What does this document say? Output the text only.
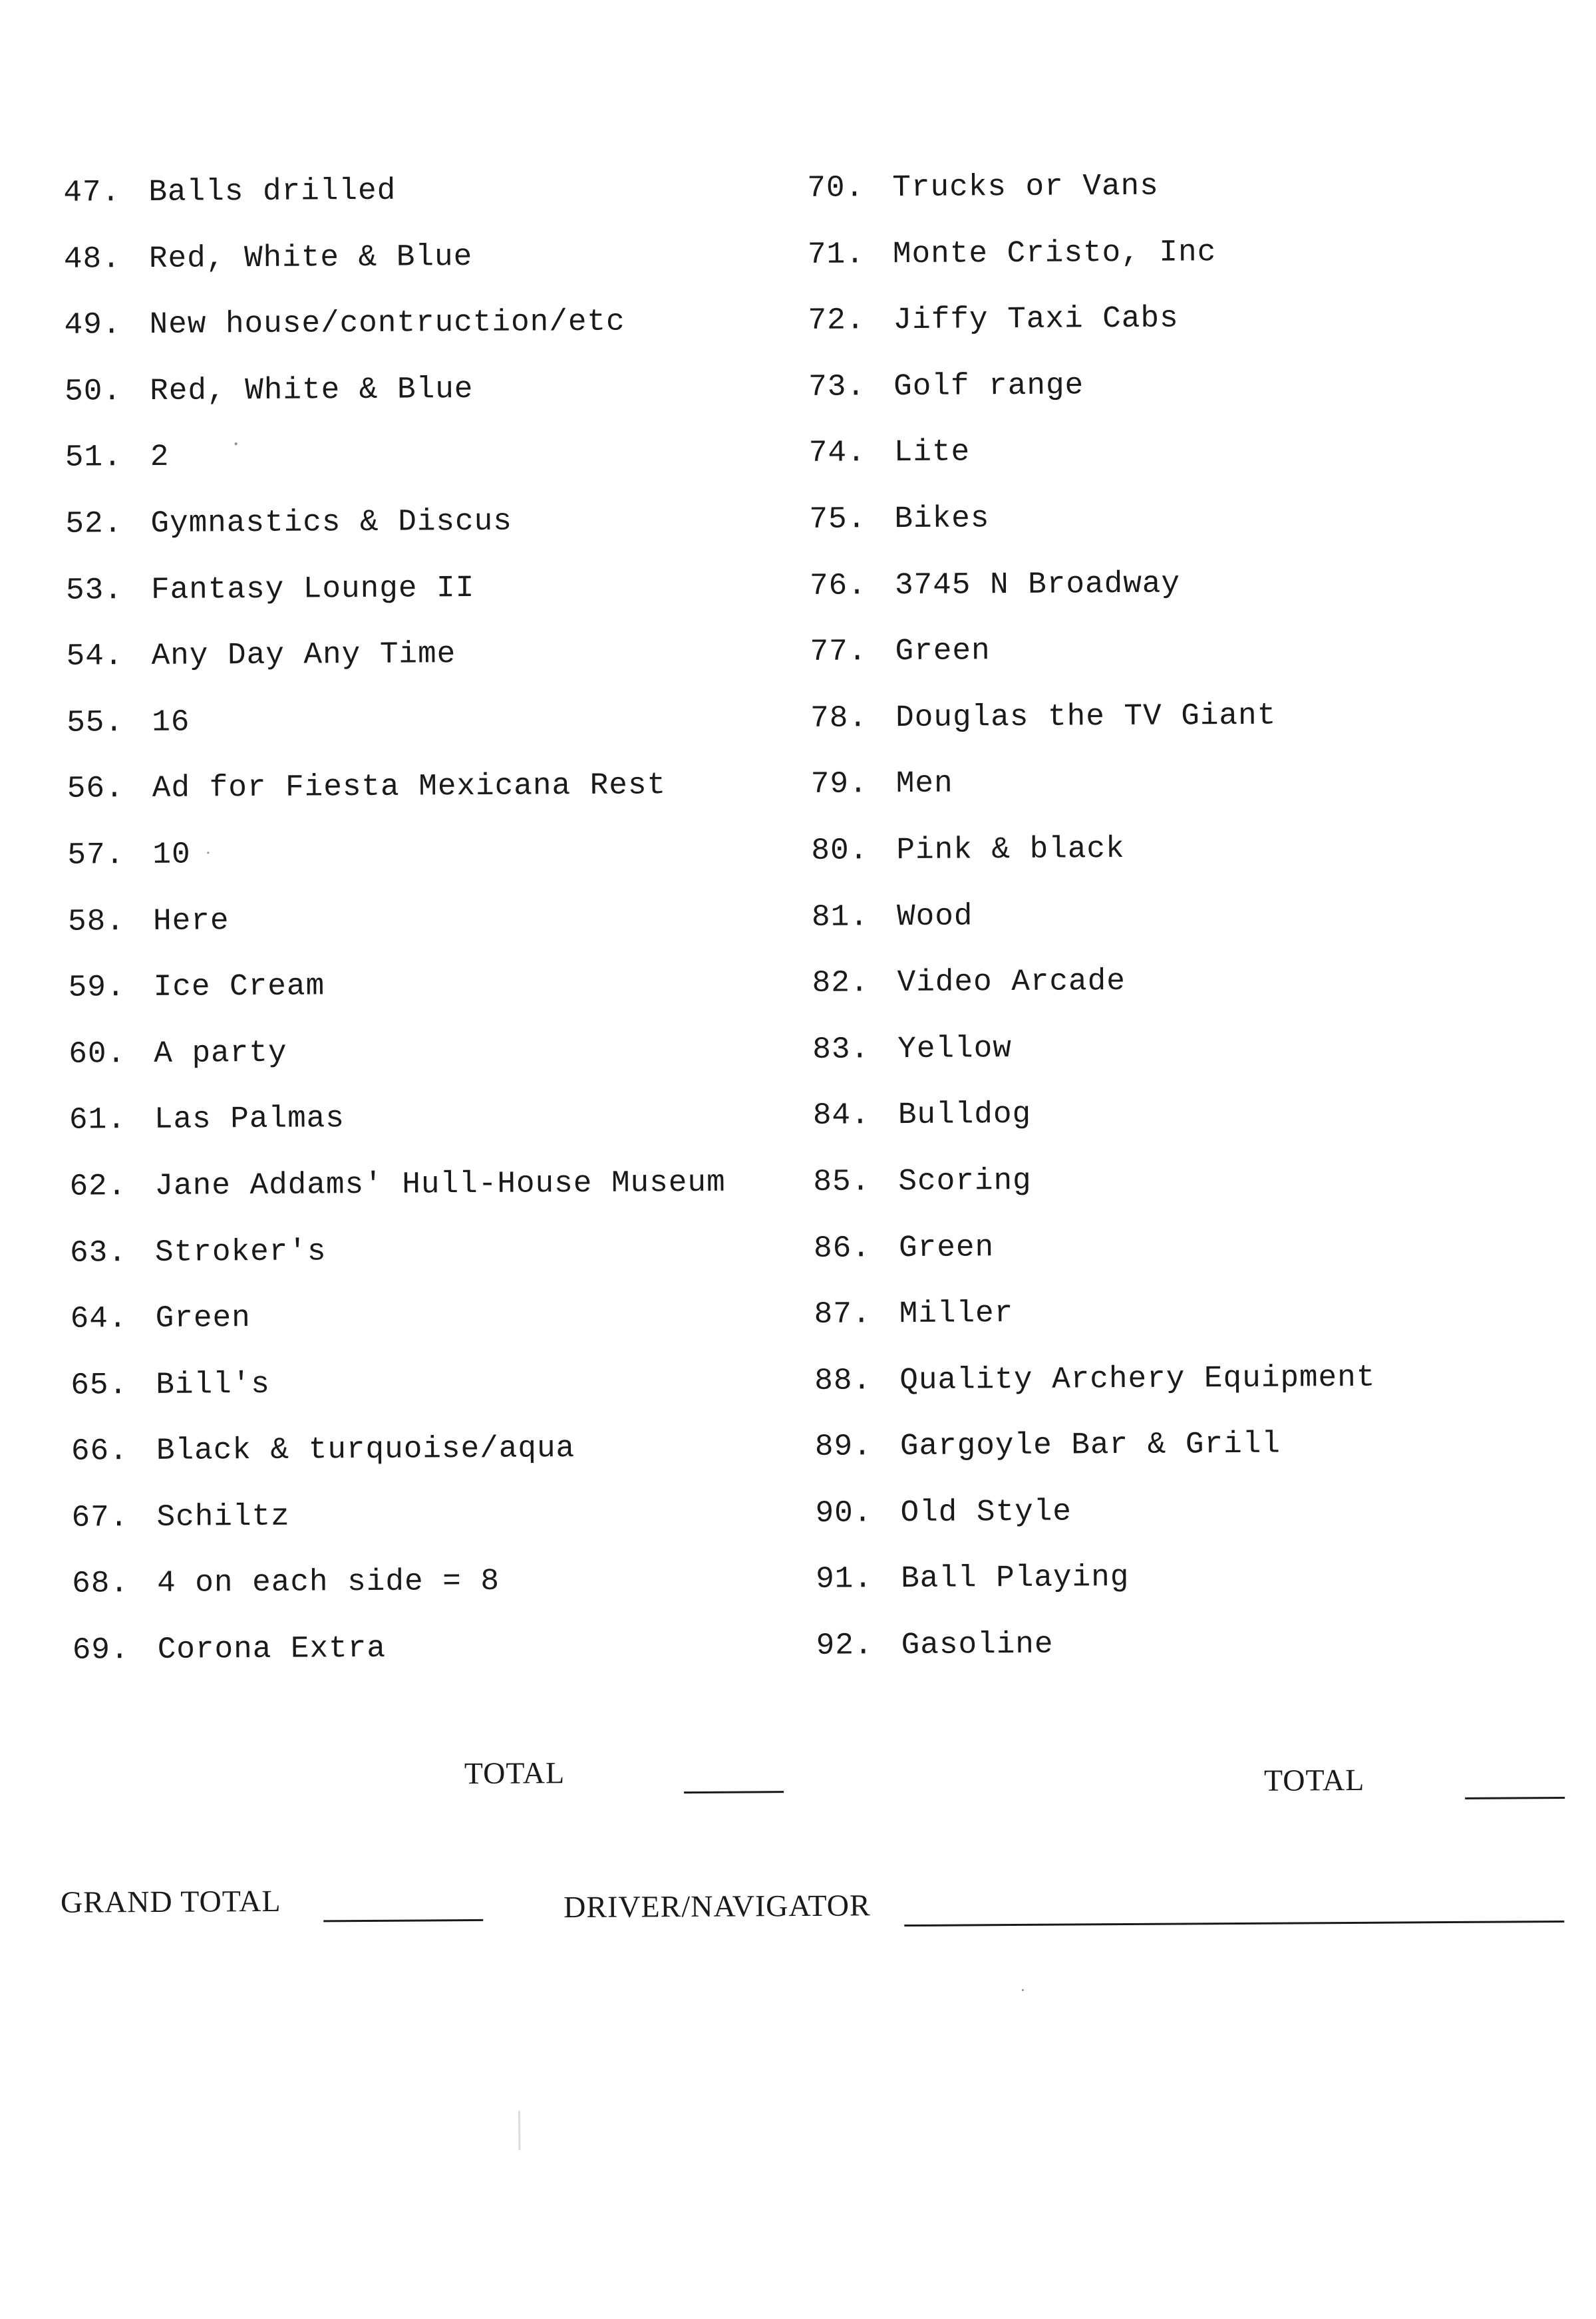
47. Balls drilled
48. Red, White & Blue
49. New house/contruction/etc
50. Red, White & Blue
51. 2
52. Gymnastics & Discus
53. Fantasy Lounge II
54. Any Day Any Time
55. 16
56. Ad for Fiesta Mexicana Rest
57. 10
58. Here
59. Ice Cream
60. A party
61. Las Palmas
62. Jane Addams' Hull-House Museum
63. Stroker's
64. Green
65. Bill's
66. Black & turquoise/aqua
67. Schiltz
68. 4 on each side = 8
69. Corona Extra
70. Trucks or Vans
71. Monte Cristo, Inc
72. Jiffy Taxi Cabs
73. Golf range
74. Lite
75. Bikes
76. 3745 N Broadway
77. Green
78. Douglas the TV Giant
79. Men
80. Pink & black
81. Wood
82. Video Arcade
83. Yellow
84. Bulldog
85. Scoring
86. Green
87. Miller
88. Quality Archery Equipment
89. Gargoyle Bar & Grill
90. Old Style
91. Ball Playing
92. Gasoline
TOTAL	TOTAL
GRAND TOTAL	DRIVER/NAVIGATOR
